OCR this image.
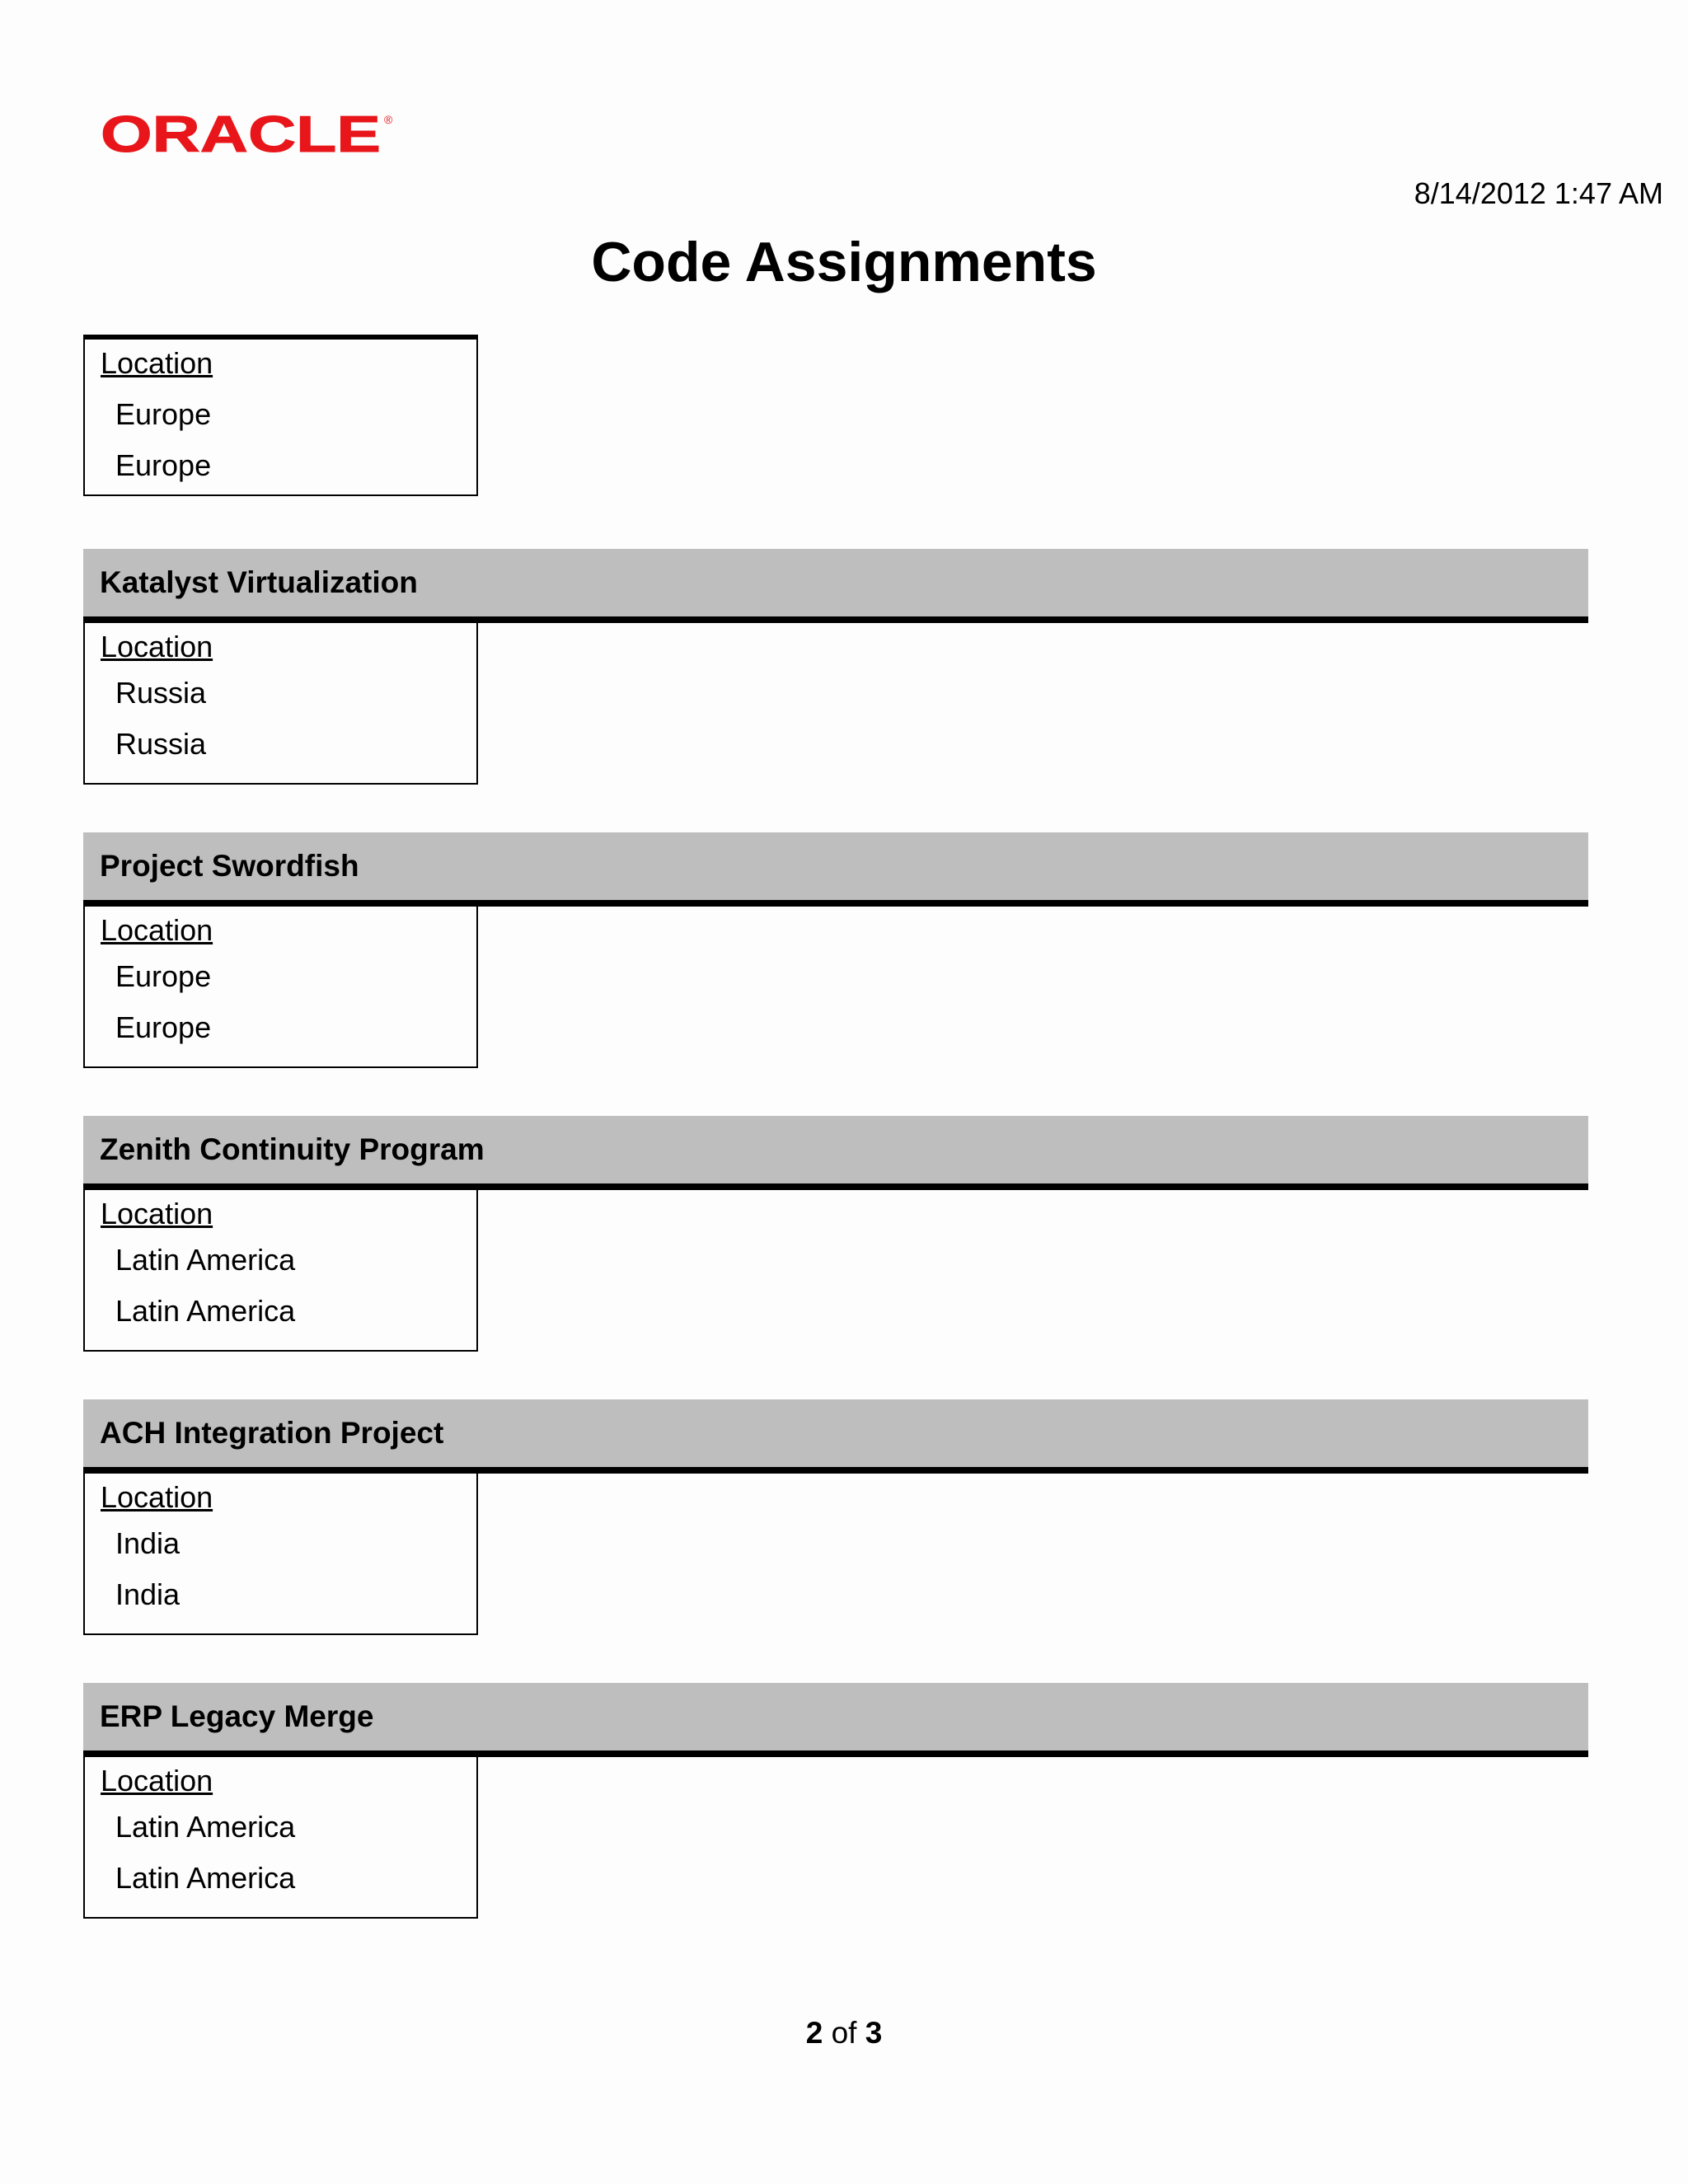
ORACLE ®
8/14/2012 1:47 AM
Code Assignments
Location
Europe
Europe
Katalyst Virtualization
Location
Russia
Russia
Project Swordfish
Location
Europe
Europe
Zenith Continuity Program
Location
Latin America
Latin America
ACH Integration Project
Location
India
India
ERP Legacy Merge
Location
Latin America
Latin America
2 of 3
